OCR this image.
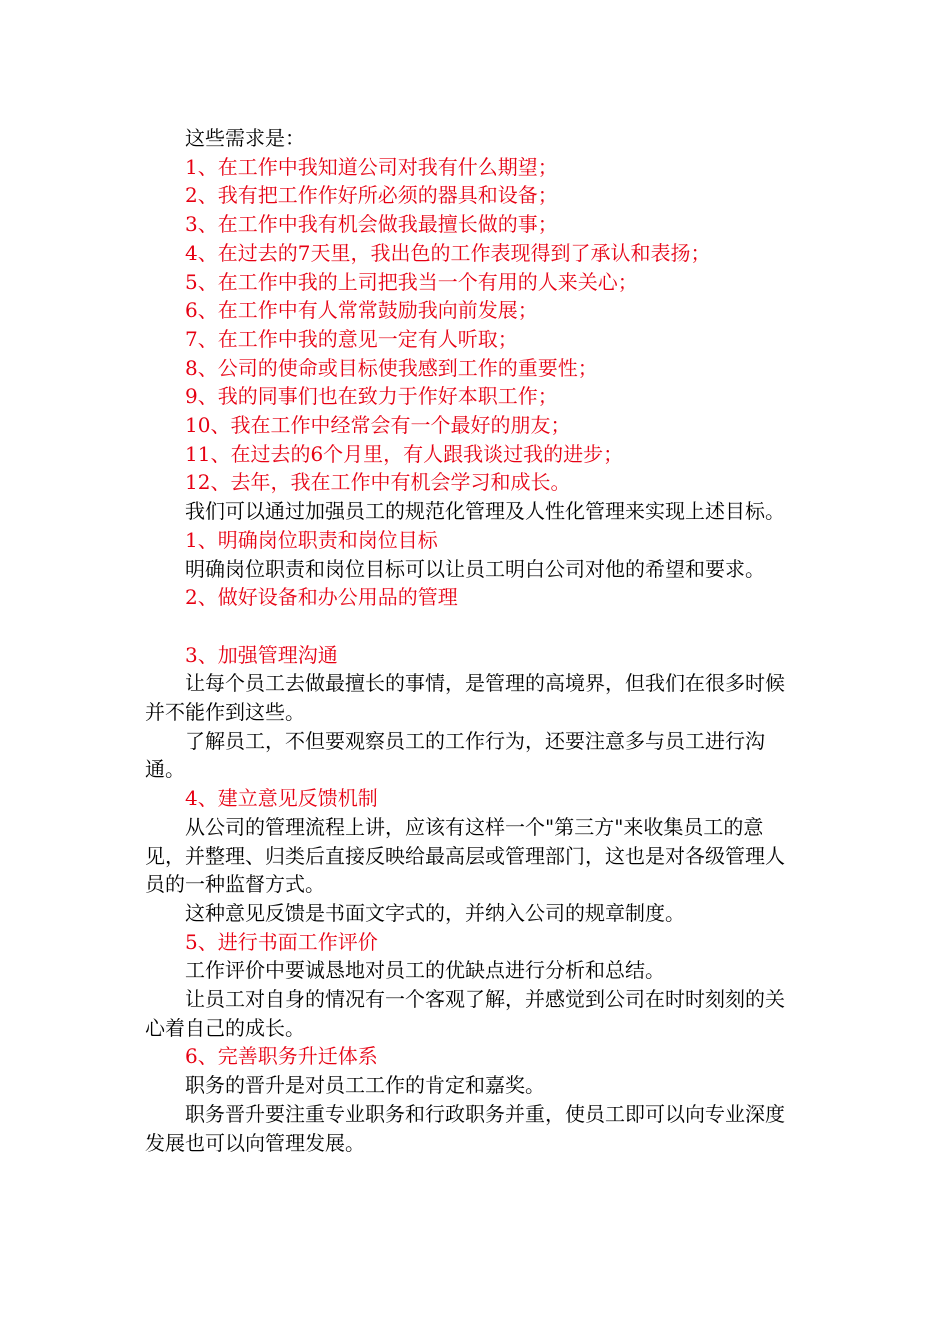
这些需求是：

1、在工作中我知道公司对我有什么期望；

2、我有把工作作好所必须的器具和设备；

3、在工作中我有机会做我最擅长做的事；

4、在过去的7天里，我出色的工作表现得到了承认和表扬；

5、在工作中我的上司把我当一个有用的人来关心；

6、在工作中有人常常鼓励我向前发展；

7、在工作中我的意见一定有人听取；

8、公司的使命或目标使我感到工作的重要性；

9、我的同事们也在致力于作好本职工作；

10、我在工作中经常会有一个最好的朋友；

11、在过去的6个月里，有人跟我谈过我的进步；

12、去年，我在工作中有机会学习和成长。

我们可以通过加强员工的规范化管理及人性化管理来实现上述目标。

1、明确岗位职责和岗位目标

明确岗位职责和岗位目标可以让员工明白公司对他的希望和要求。

2、做好设备和办公用品的管理

3、加强管理沟通

让每个员工去做最擅长的事情，是管理的高境界，但我们在很多时候并不能作到这些。

了解员工，不但要观察员工的工作行为，还要注意多与员工进行沟通。

4、建立意见反馈机制

从公司的管理流程上讲，应该有这样一个"第三方"来收集员工的意见，并整理、归类后直接反映给最高层或管理部门，这也是对各级管理人员的一种监督方式。

这种意见反馈是书面文字式的，并纳入公司的规章制度。

5、进行书面工作评价

工作评价中要诚恳地对员工的优缺点进行分析和总结。

让员工对自身的情况有一个客观了解，并感觉到公司在时时刻刻的关心着自己的成长。

6、完善职务升迁体系

职务的晋升是对员工工作的肯定和嘉奖。

职务晋升要注重专业职务和行政职务并重，使员工即可以向专业深度发展也可以向管理发展。
